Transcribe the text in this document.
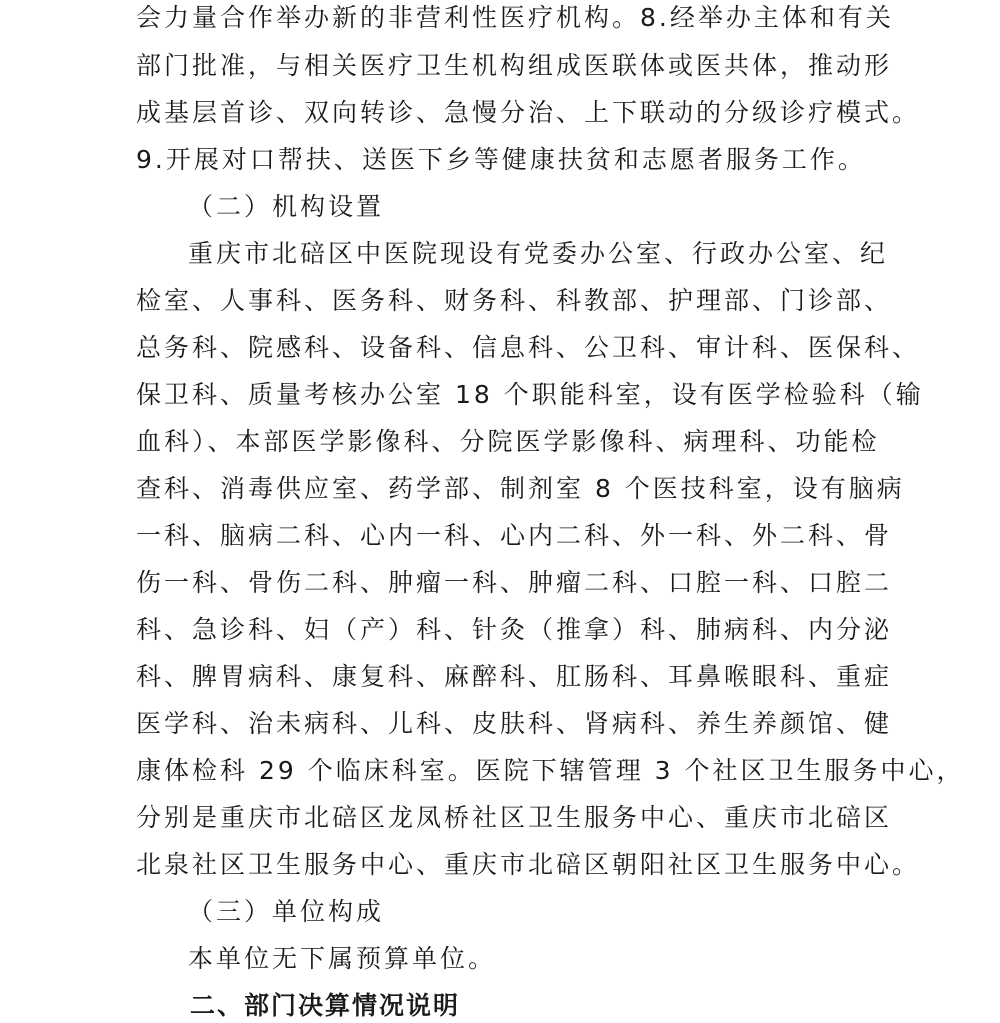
会力量合作举办新的非营利性医疗机构。8.经举办主体和有关
部门批准，与相关医疗卫生机构组成医联体或医共体，推动形
成基层首诊、双向转诊、急慢分治、上下联动的分级诊疗模式。
9.开展对口帮扶、送医下乡等健康扶贫和志愿者服务工作。
（二）机构设置
重庆市北碚区中医院现设有党委办公室、行政办公室、纪
检室、人事科、医务科、财务科、科教部、护理部、门诊部、
总务科、院感科、设备科、信息科、公卫科、审计科、医保科、
保卫科、质量考核办公室 18 个职能科室，设有医学检验科（输
血科）、本部医学影像科、分院医学影像科、病理科、功能检
查科、消毒供应室、药学部、制剂室 8 个医技科室，设有脑病
一科、脑病二科、心内一科、心内二科、外一科、外二科、骨
伤一科、骨伤二科、肿瘤一科、肿瘤二科、口腔一科、口腔二
科、急诊科、妇（产）科、针灸（推拿）科、肺病科、内分泌
科、脾胃病科、康复科、麻醉科、肛肠科、耳鼻喉眼科、重症
医学科、治未病科、儿科、皮肤科、肾病科、养生养颜馆、健
康体检科 29 个临床科室。医院下辖管理 3 个社区卫生服务中心，
分别是重庆市北碚区龙凤桥社区卫生服务中心、重庆市北碚区
北泉社区卫生服务中心、重庆市北碚区朝阳社区卫生服务中心。
（三）单位构成
本单位无下属预算单位。
二、部门决算情况说明
